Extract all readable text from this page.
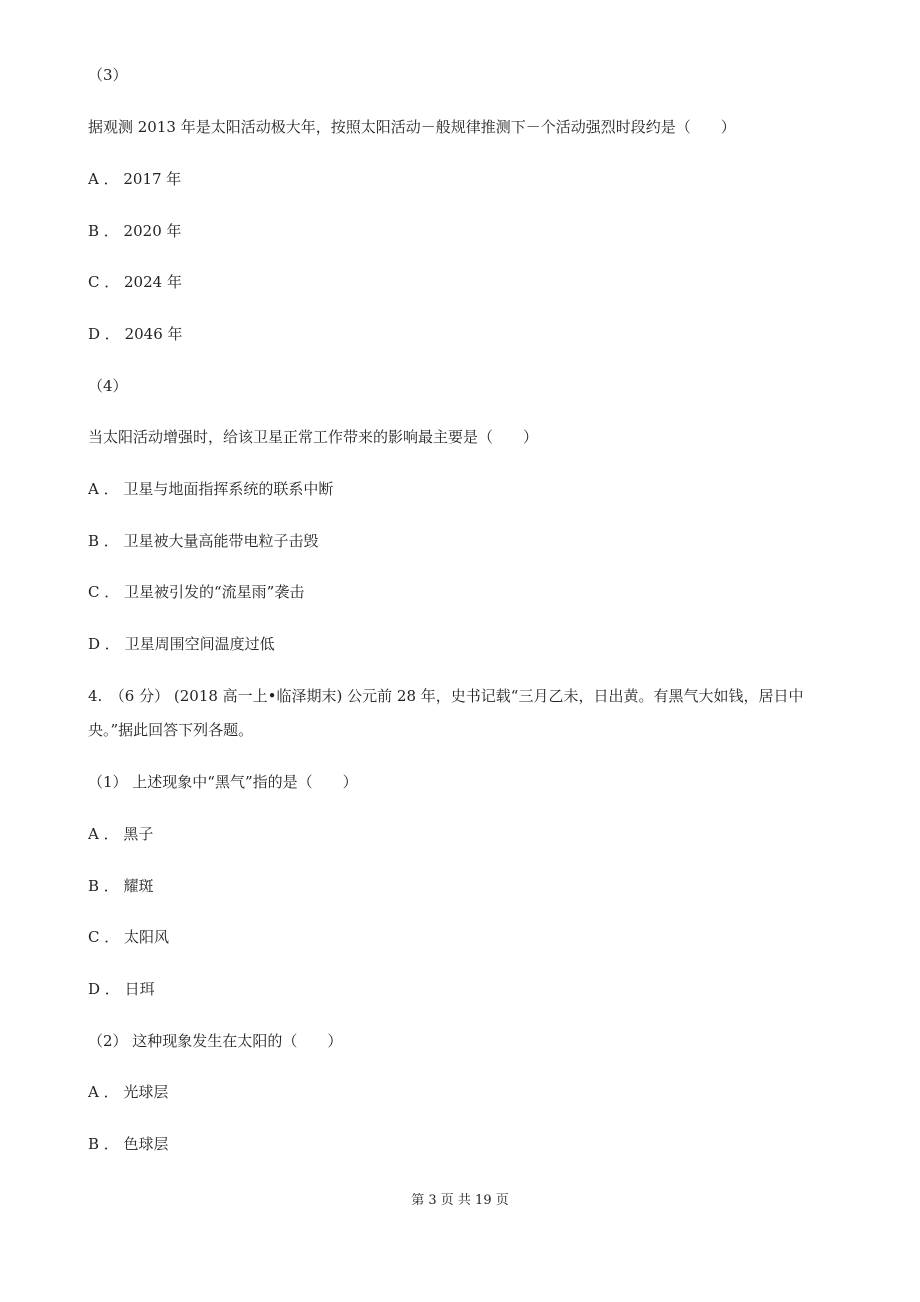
（3）
据观测 2013 年是太阳活动极大年，按照太阳活动－般规律推测下－个活动强烈时段约是（　　）
A ． 2017 年
B ． 2020 年
C ． 2024 年
D ． 2046 年
（4）
当太阳活动增强时，给该卫星正常工作带来的影响最主要是（　　）
A ． 卫星与地面指挥系统的联系中断
B ． 卫星被大量高能带电粒子击毁
C ． 卫星被引发的“流星雨”袭击
D ． 卫星周围空间温度过低
4.　（6 分） (2018 高一上•临泽期末) 公元前 28 年，史书记载“三月乙未，日出黄。有黑气大如钱，居日中
央。”据此回答下列各题。
（1） 上述现象中“黑气”指的是（　　）
A ． 黑子
B ． 耀斑
C ． 太阳风
D ． 日珥
（2） 这种现象发生在太阳的（　　）
A ． 光球层
B ． 色球层
第 3 页 共 19 页
